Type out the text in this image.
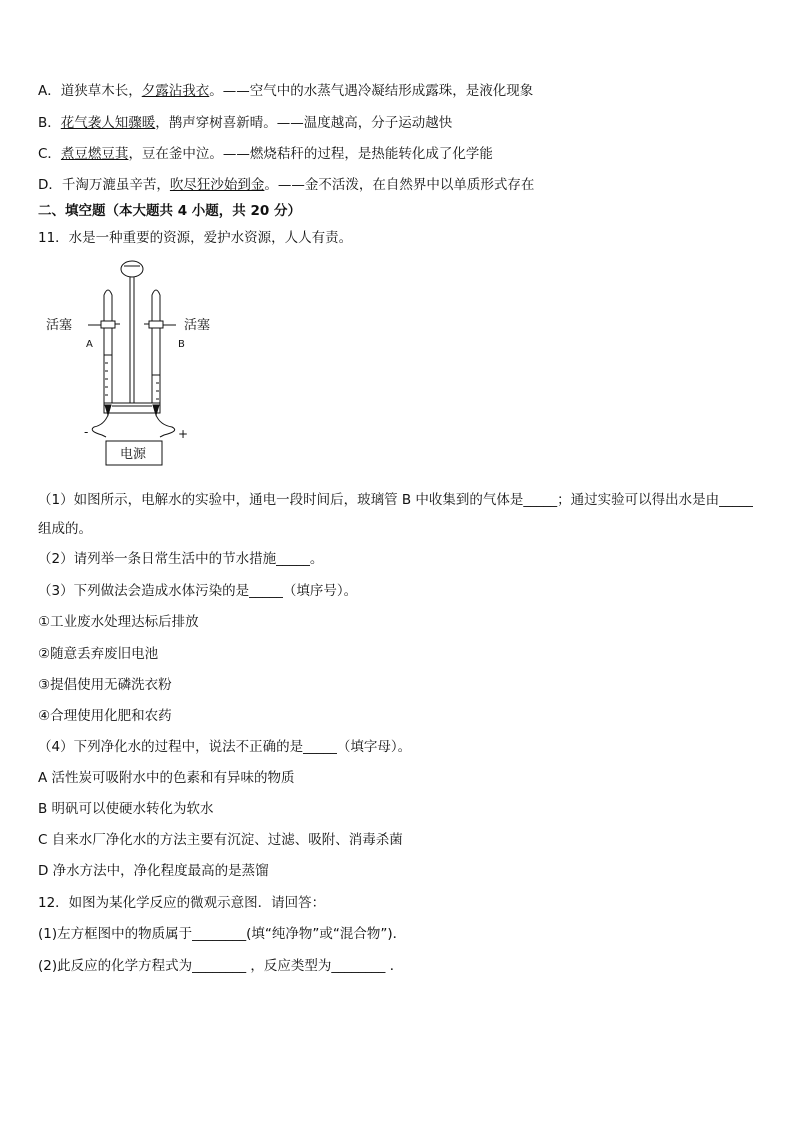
A．道狭草木长，夕露沾我衣。——空气中的水蒸气遇冷凝结形成露珠，是液化现象
B．花气袭人知骤暖，鹊声穿树喜新晴。——温度越高，分子运动越快
C．煮豆燃豆萁，豆在釜中泣。——燃烧秸秆的过程，是热能转化成了化学能
D．千淘万漉虽辛苦，吹尽狂沙始到金。——金不活泼，在自然界中以单质形式存在
二、填空题（本大题共 4 小题，共 20 分）
11．水是一种重要的资源，爱护水资源，人人有责。
活塞	活塞
A	B
-	+
电源
（1）如图所示，电解水的实验中，通电一段时间后，玻璃管 B 中收集到的气体是_____；通过实验可以得出水是由_____
组成的。
（2）请列举一条日常生活中的节水措施_____。
（3）下列做法会造成水体污染的是_____（填序号）。
①工业废水处理达标后排放
②随意丢弃废旧电池
③提倡使用无磷洗衣粉
④合理使用化肥和农药
（4）下列净化水的过程中，说法不正确的是_____（填字母）。
A 活性炭可吸附水中的色素和有异味的物质
B 明矾可以使硬水转化为软水
C 自来水厂净化水的方法主要有沉淀、过滤、吸附、消毒杀菌
D 净水方法中，净化程度最高的是蒸馏
12．如图为某化学反应的微观示意图．请回答：
(1)左方框图中的物质属于________(填“纯净物”或“混合物”)．
(2)此反应的化学方程式为________ ，反应类型为________ ．
